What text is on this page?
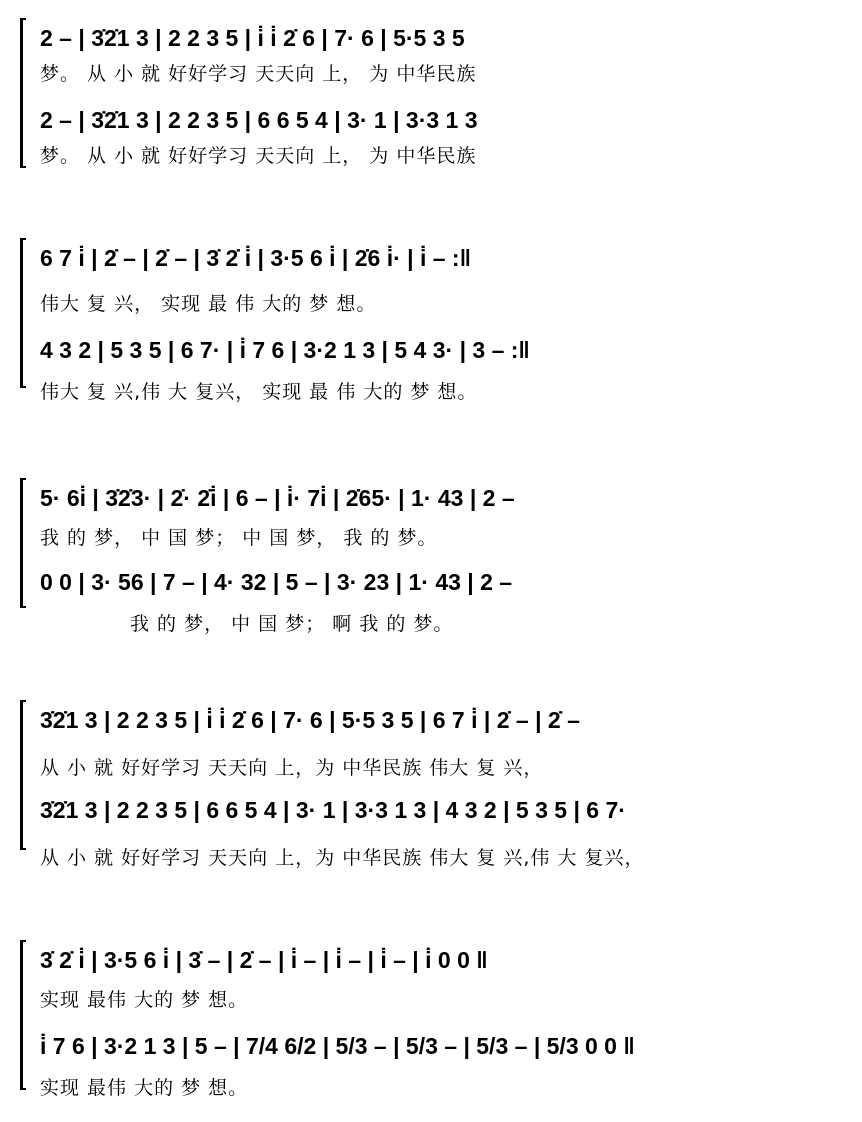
2 – | 3̇2̇1 3 | 2 2 3 5 | i̇ i̇ 2̇ 6 | 7· 6 | 5·5 3 5
梦。 从 小 就 好好学习 天天向 上， 为 中华民族
2 – | 3̇2̇1 3 | 2 2 3 5 | 6 6 5 4 | 3· 1 | 3·3 1 3
梦。 从 小 就 好好学习 天天向 上， 为 中华民族
6 7 i̇ | 2̇ – | 2̇ – | 3̇ 2̇ i̇ | 3·5 6 i̇ | 2̇6 i̇· | i̇ – :‖
伟大 复 兴， 实现 最 伟 大的 梦 想。
4 3 2 | 5 3 5 | 6 7· | i̇ 7 6 | 3·2 1 3 | 5 4 3· | 3 – :‖
伟大 复 兴,伟 大 复兴， 实现 最 伟 大的 梦 想。
5· 6i̇ | 3̇2̇3· | 2̇· 2̇i̇ | 6 – | i̇· 7i̇ | 2̇65· | 1· 43 | 2 –
我 的 梦， 中 国 梦； 中 国 梦， 我 的 梦。
0 0 | 3· 56 | 7 – | 4· 32 | 5 – | 3· 23 | 1· 43 | 2 –
我 的 梦， 中 国 梦； 啊 我 的 梦。
3̇2̇1 3 | 2 2 3 5 | i̇ i̇ 2̇ 6 | 7· 6 | 5·5 3 5 | 6 7 i̇ | 2̇ – | 2̇ –
从 小 就 好好学习 天天向 上，为 中华民族 伟大 复 兴，
3̇2̇1 3 | 2 2 3 5 | 6 6 5 4 | 3· 1 | 3·3 1 3 | 4 3 2 | 5 3 5 | 6 7·
从 小 就 好好学习 天天向 上，为 中华民族 伟大 复 兴,伟 大 复兴，
3̇ 2̇ i̇ | 3·5 6 i̇ | 3̇ – | 2̇ – | i̇ – | i̇ – | i̇ – | i̇ 0 0 ‖
实现 最伟 大的 梦 想。
i̇ 7 6 | 3·2 1 3 | 5 – | 7/4 6/2 | 5/3 – | 5/3 – | 5/3 – | 5/3 0 0 ‖
实现 最伟 大的 梦 想。
